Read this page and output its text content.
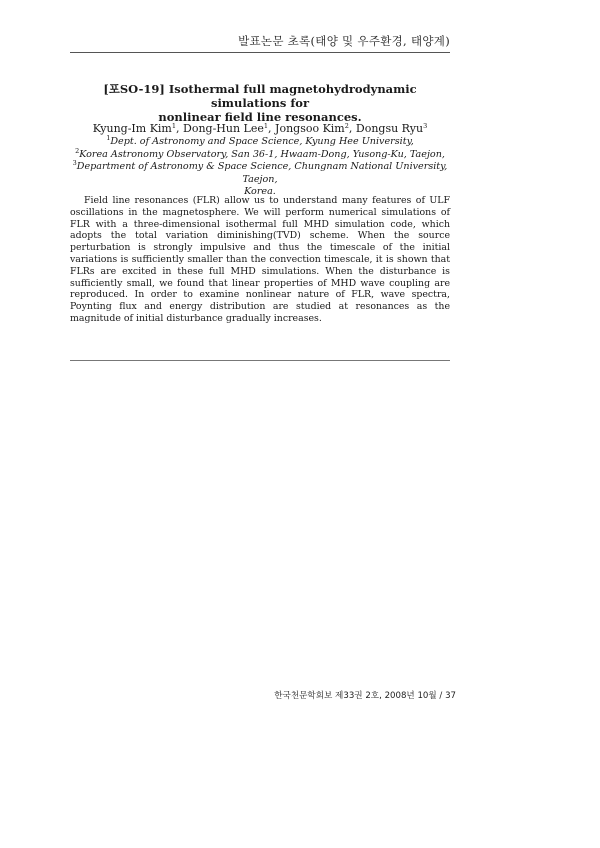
발표논문 초록(태양 및 우주환경, 태양계)
[포SO-19] Isothermal full magnetohydrodynamic simulations for
nonlinear field line resonances.
Kyung-Im Kim$^1$, Dong-Hun Lee$^1$, Jongsoo Kim$^2$, Dongsu Ryu$^3$
$^1$Dept. of Astronomy and Space Science, Kyung Hee University,
$^2$Korea Astronomy Observatory, San 36-1, Hwaam-Dong, Yusong-Ku, Taejon,
$^3$Department of Astronomy & Space Science, Chungnam National University, Taejon,
Korea.

Field line resonances (FLR) allow us to understand many features of ULF oscillations in the magnetosphere. We will perform numerical simulations of FLR with a three-dimensional isothermal full MHD simulation code, which adopts the total variation diminishing(TVD) scheme. When the source perturbation is strongly impulsive and thus the timescale of the initial variations is sufficiently smaller than the convection timescale, it is shown that FLRs are excited in these full MHD simulations. When the disturbance is sufficiently small, we found that linear properties of MHD wave coupling are reproduced. In order to examine nonlinear nature of FLR, wave spectra, Poynting flux and energy distribution are studied at resonances as the magnitude of initial disturbance gradually increases.

한국천문학회보 제33권 2호, 2008년 10월 / 37
